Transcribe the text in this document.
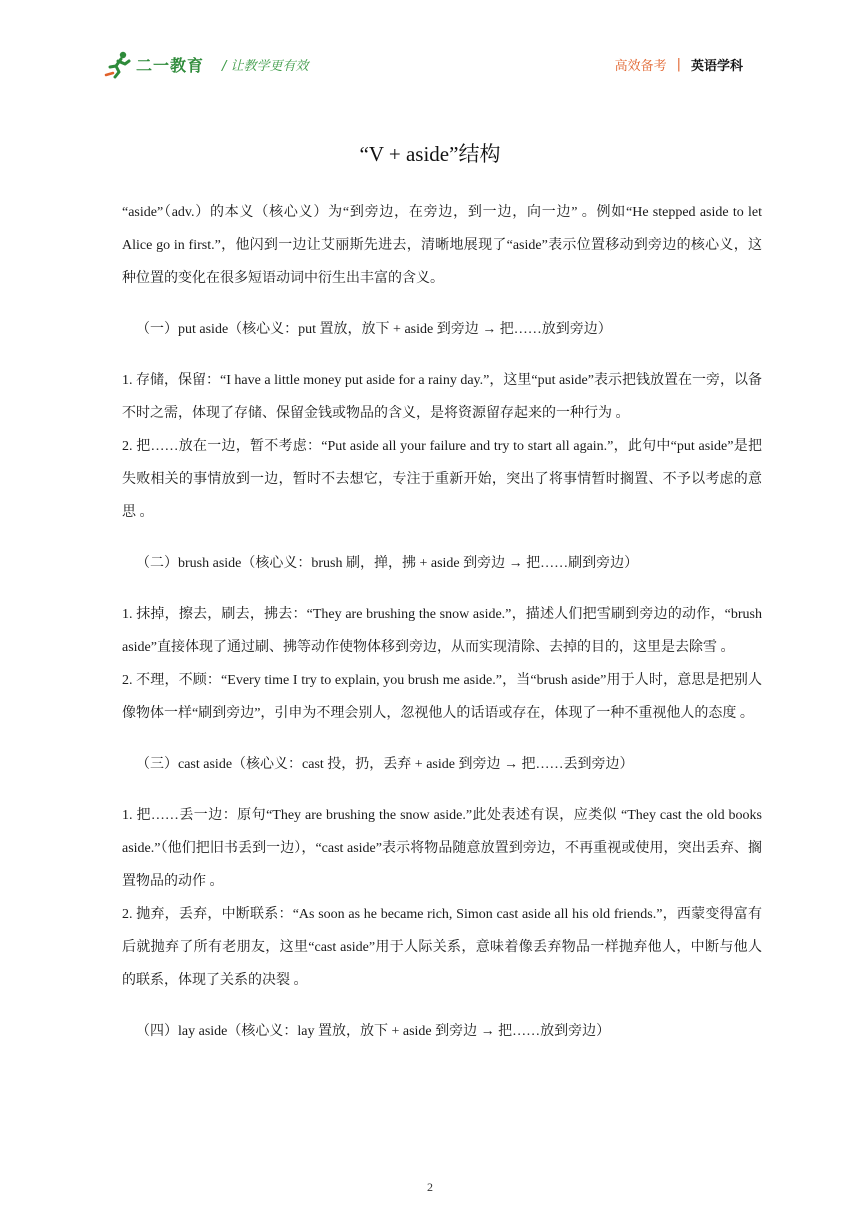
二一教育 / 让教学更有效	高效备考 | 英语学科
“V + aside”结构

“aside”（adv.）的本义（核心义）为“到旁边，在旁边，到一边，向一边” 。例如“He stepped aside to let Alice go in first.”，他闪到一边让艾丽斯先进去，清晰地展现了“aside”表示位置移动到旁边的核心义，这种位置的变化在很多短语动词中衍生出丰富的含义。

（一）put aside（核心义：put 置放，放下 + aside 到旁边 → 把……放到旁边）

1. 存储，保留：“I have a little money put aside for a rainy day.”，这里“put aside”表示把钱放置在一旁，以备不时之需，体现了存储、保留金钱或物品的含义，是将资源留存起来的一种行为 。

2. 把……放在一边，暂不考虑：“Put aside all your failure and try to start all again.”，此句中“put aside”是把失败相关的事情放到一边，暂时不去想它，专注于重新开始，突出了将事情暂时搁置、不予以考虑的意思 。

（二）brush aside（核心义：brush 刷，掸，拂 + aside 到旁边 → 把……刷到旁边）

1. 抹掉，擦去，刷去，拂去：“They are brushing the snow aside.”，描述人们把雪刷到旁边的动作，“brush aside”直接体现了通过刷、拂等动作使物体移到旁边，从而实现清除、去掉的目的，这里是去除雪 。

2. 不理，不顾：“Every time I try to explain, you brush me aside.”，当“brush aside”用于人时，意思是把别人像物体一样“刷到旁边”，引申为不理会别人，忽视他人的话语或存在，体现了一种不重视他人的态度 。

（三）cast aside（核心义：cast 投，扔，丢弃 + aside 到旁边 → 把……丢到旁边）

1. 把……丢一边：原句“They are brushing the snow aside.”此处表述有误，应类似 “They cast the old books aside.”（他们把旧书丢到一边），“cast aside”表示将物品随意放置到旁边，不再重视或使用，突出丢弃、搁置物品的动作 。

2. 抛弃，丢弃，中断联系：“As soon as he became rich, Simon cast aside all his old friends.”，西蒙变得富有后就抛弃了所有老朋友，这里“cast aside”用于人际关系，意味着像丢弃物品一样抛弃他人，中断与他人的联系，体现了关系的决裂 。

（四）lay aside（核心义：lay 置放，放下 + aside 到旁边 → 把……放到旁边）

2
